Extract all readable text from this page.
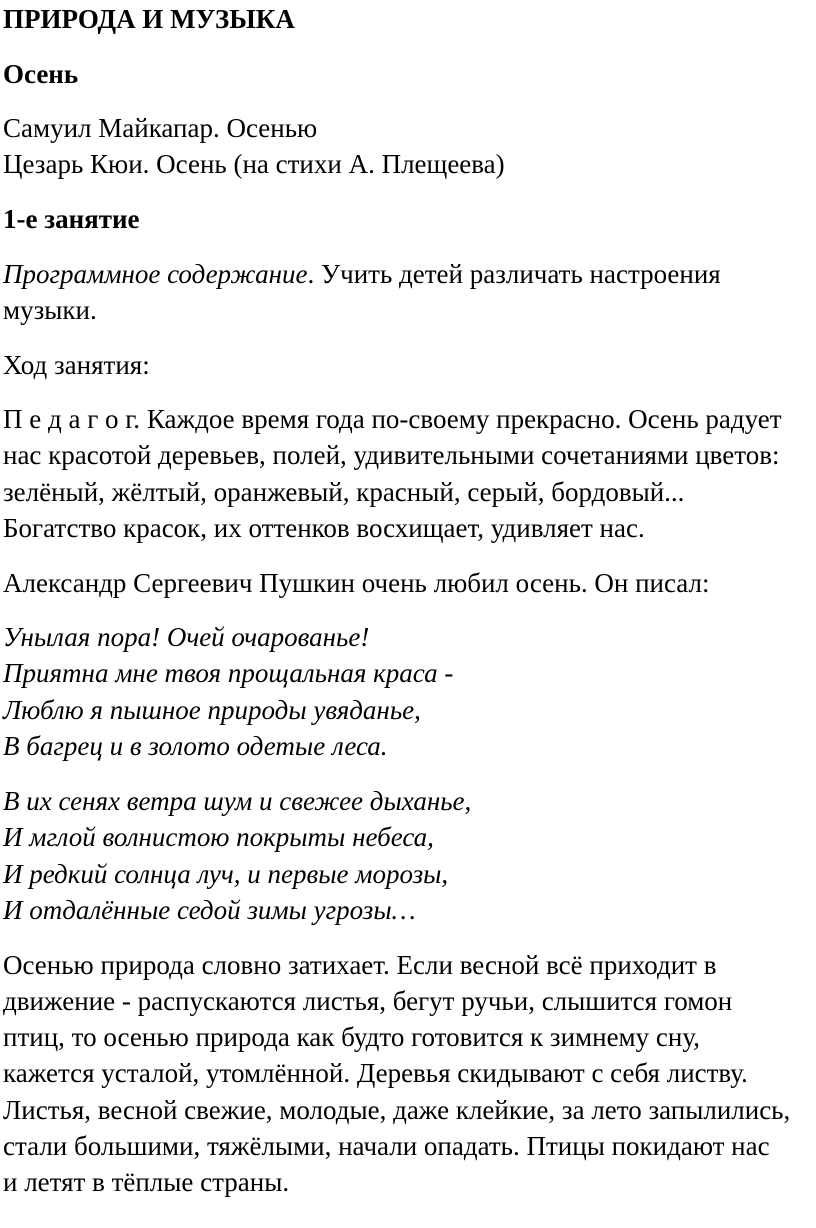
ПРИРОДА И МУЗЫКА
Осень
Самуил Майкапар. Осенью
Цезарь Кюи. Осень (на стихи А. Плещеева)
1-е занятие
Программное содержание. Учить детей различать настроения
музыки.
Ход занятия:
П е д а г о г. Каждое время года по-своему прекрасно. Осень радует
нас красотой деревьев, полей, удивительными сочетаниями цветов:
зелёный, жёлтый, оранжевый, красный, серый, бордовый...
Богатство красок, их оттенков восхищает, удивляет нас.
Александр Сергеевич Пушкин очень любил осень. Он писал:
Унылая пора! Очей очарованье!
Приятна мне твоя прощальная краса -
Люблю я пышное природы увяданье,
В багрец и в золото одетые леса.
В их сенях ветра шум и свежее дыханье,
И мглой волнистою покрыты небеса,
И редкий солнца луч, и первые морозы,
И отдалённые седой зимы угрозы…
Осенью природа словно затихает. Если весной всё приходит в
движение - распускаются листья, бегут ручьи, слышится гомон
птиц, то осенью природа как будто готовится к зимнему сну,
кажется усталой, утомлённой. Деревья скидывают с себя листву.
Листья, весной свежие, молодые, даже клейкие, за лето запылились,
стали большими, тяжёлыми, начали опадать. Птицы покидают нас
и летят в тёплые страны.
